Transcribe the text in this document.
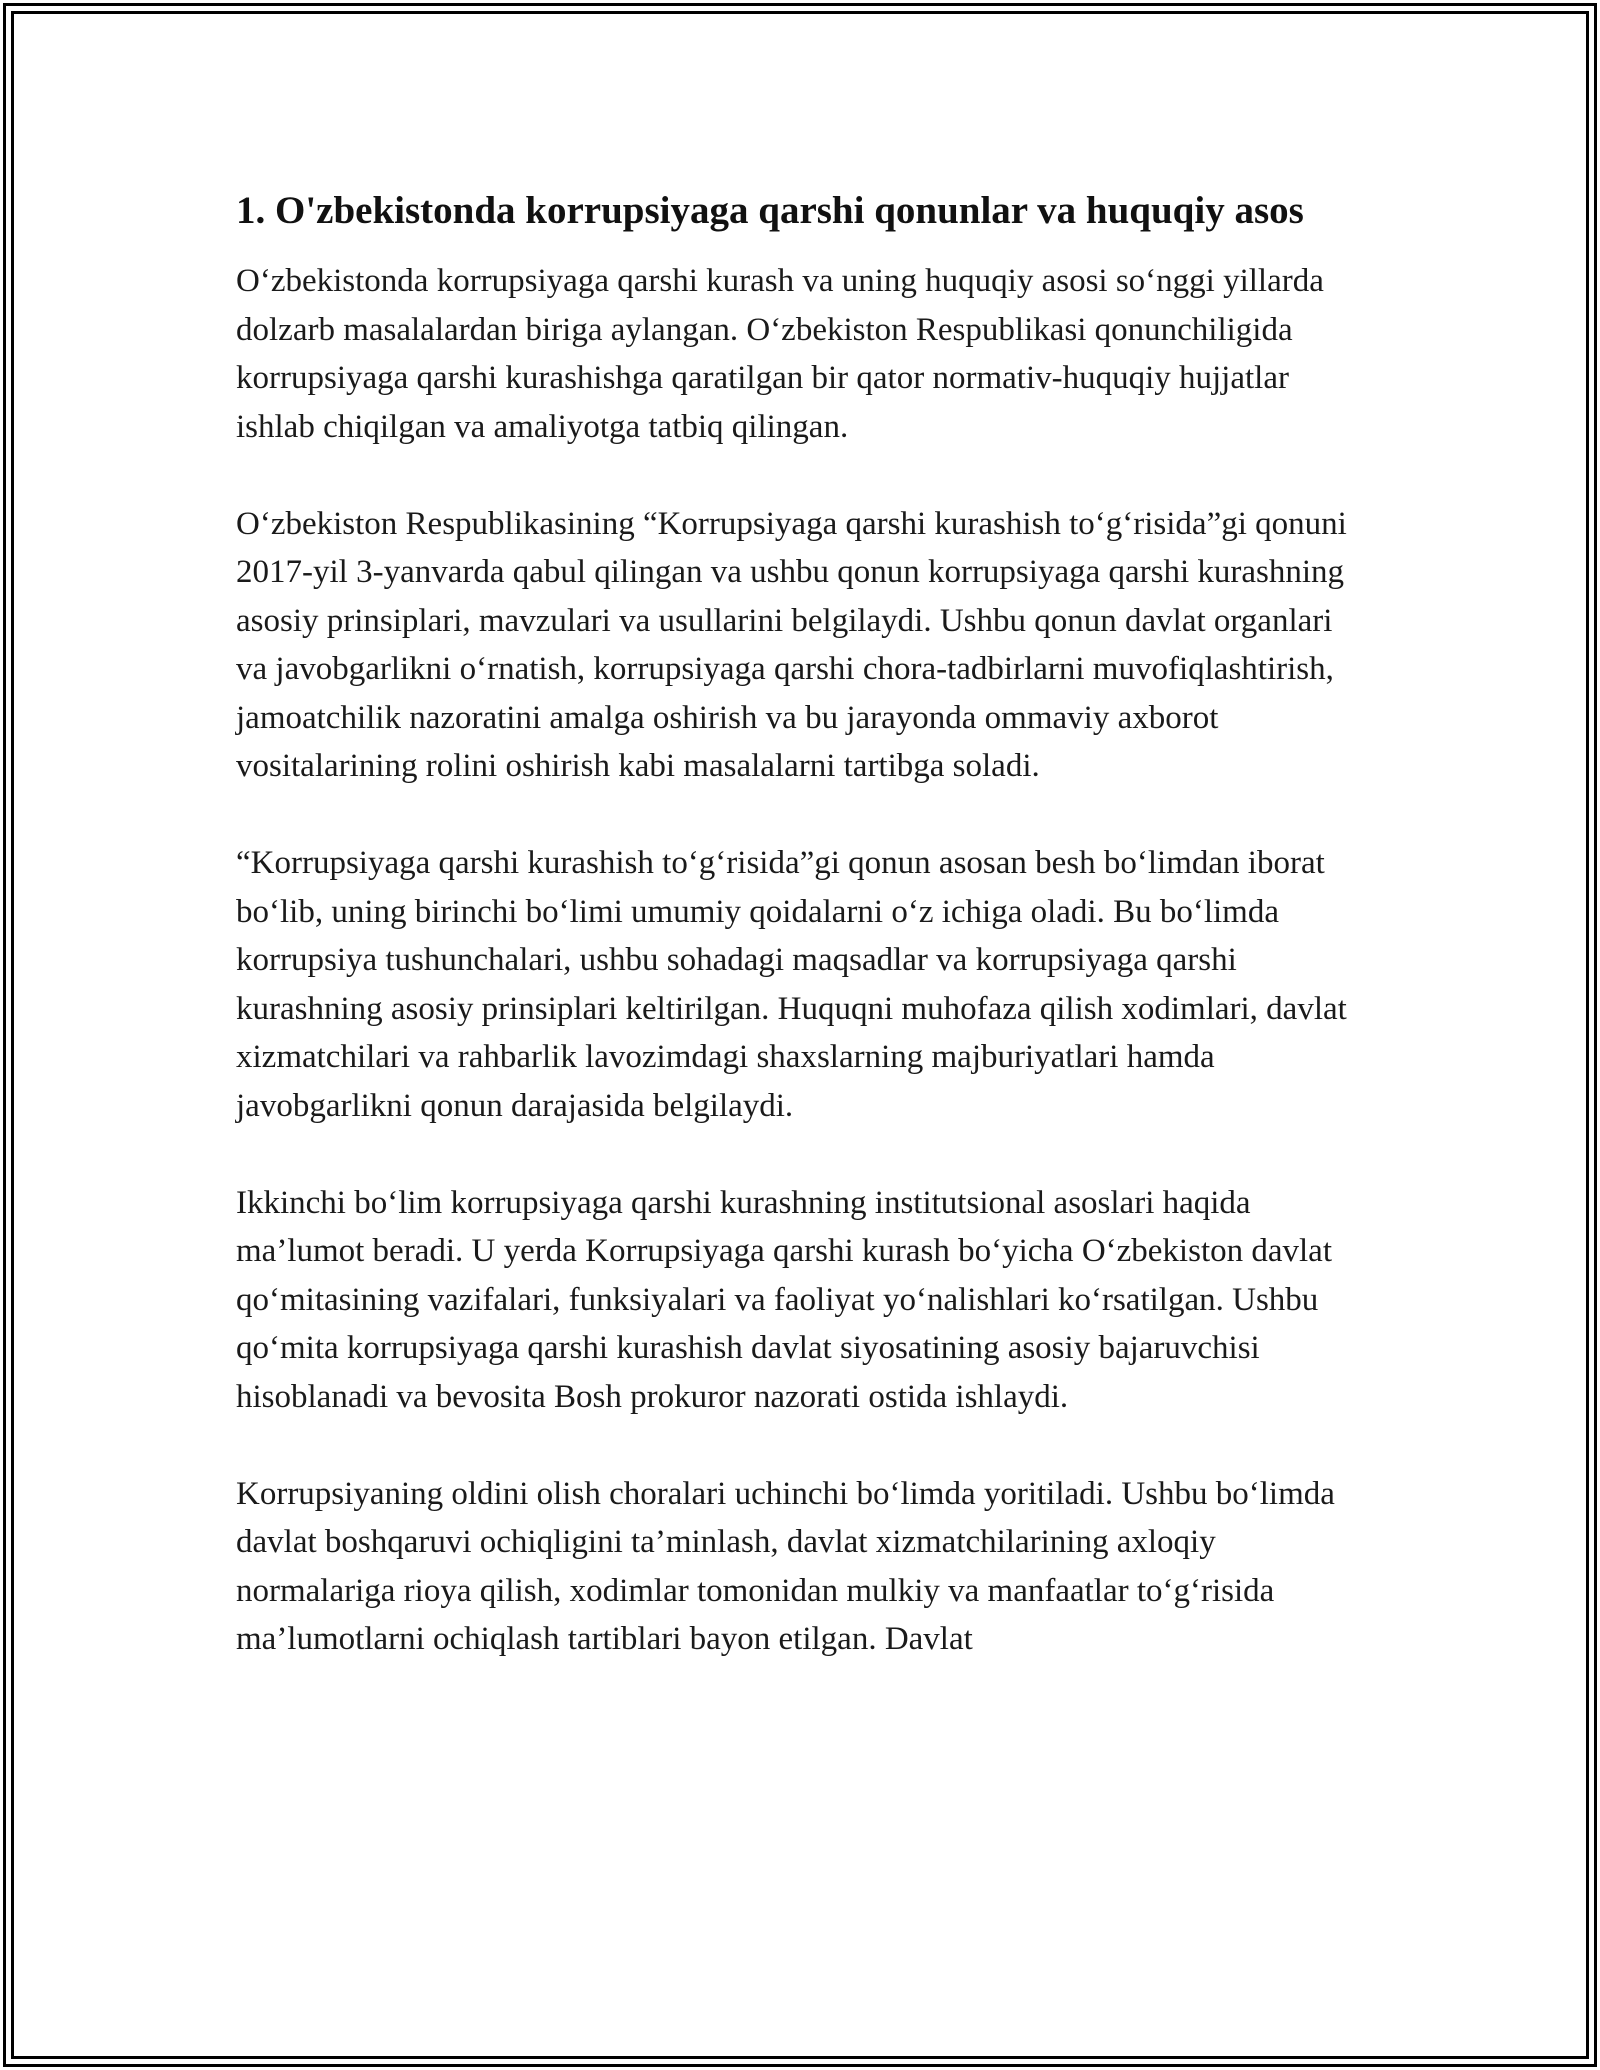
1. O'zbekistonda korrupsiyaga qarshi qonunlar va huquqiy asos

O‘zbekistonda korrupsiyaga qarshi kurash va uning huquqiy asosi so‘nggi yillarda dolzarb masalalardan biriga aylangan. O‘zbekiston Respublikasi qonunchiligida korrupsiyaga qarshi kurashishga qaratilgan bir qator normativ-huquqiy hujjatlar ishlab chiqilgan va amaliyotga tatbiq qilingan.

O‘zbekiston Respublikasining “Korrupsiyaga qarshi kurashish to‘g‘risida”gi qonuni 2017-yil 3-yanvarda qabul qilingan va ushbu qonun korrupsiyaga qarshi kurashning asosiy prinsiplari, mavzulari va usullarini belgilaydi. Ushbu qonun davlat organlari va javobgarlikni o‘rnatish, korrupsiyaga qarshi chora-tadbirlarni muvofiqlashtirish, jamoatchilik nazoratini amalga oshirish va bu jarayonda ommaviy axborot vositalarining rolini oshirish kabi masalalarni tartibga soladi.

“Korrupsiyaga qarshi kurashish to‘g‘risida”gi qonun asosan besh bo‘limdan iborat bo‘lib, uning birinchi bo‘limi umumiy qoidalarni o‘z ichiga oladi. Bu bo‘limda korrupsiya tushunchalari, ushbu sohadagi maqsadlar va korrupsiyaga qarshi kurashning asosiy prinsiplari keltirilgan. Huquqni muhofaza qilish xodimlari, davlat xizmatchilari va rahbarlik lavozimdagi shaxslarning majburiyatlari hamda javobgarlikni qonun darajasida belgilaydi.

Ikkinchi bo‘lim korrupsiyaga qarshi kurashning institutsional asoslari haqida ma’lumot beradi. U yerda Korrupsiyaga qarshi kurash bo‘yicha O‘zbekiston davlat qo‘mitasining vazifalari, funksiyalari va faoliyat yo‘nalishlari ko‘rsatilgan. Ushbu qo‘mita korrupsiyaga qarshi kurashish davlat siyosatining asosiy bajaruvchisi hisoblanadi va bevosita Bosh prokuror nazorati ostida ishlaydi.

Korrupsiyaning oldini olish choralari uchinchi bo‘limda yoritiladi. Ushbu bo‘limda davlat boshqaruvi ochiqligini ta’minlash, davlat xizmatchilarining axloqiy normalariga rioya qilish, xodimlar tomonidan mulkiy va manfaatlar to‘g‘risida ma’lumotlarni ochiqlash tartiblari bayon etilgan. Davlat
